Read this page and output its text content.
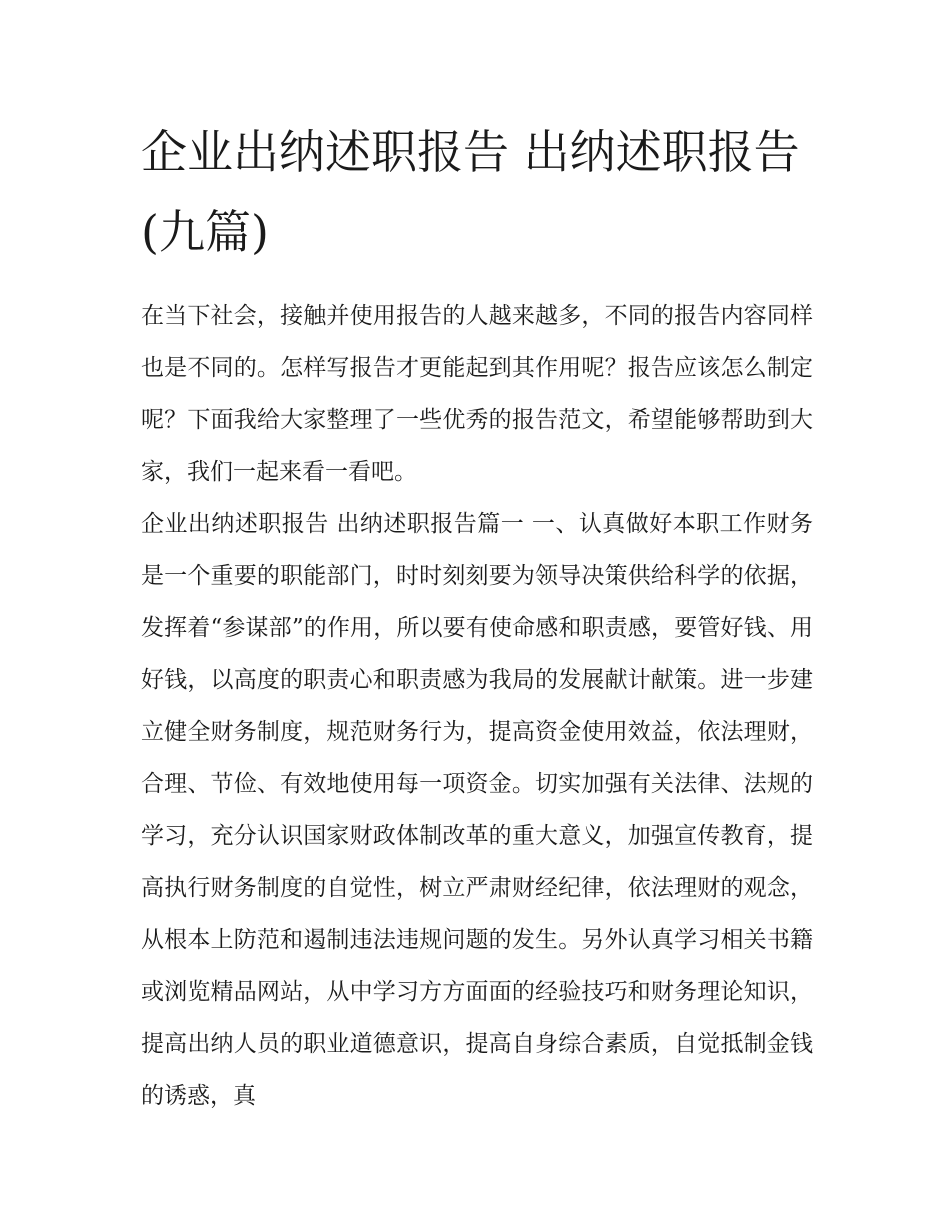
企业出纳述职报告 出纳述职报告(九篇)

在当下社会，接触并使用报告的人越来越多，不同的报告内容同样也是不同的。怎样写报告才更能起到其作用呢？报告应该怎么制定呢？下面我给大家整理了一些优秀的报告范文，希望能够帮助到大家，我们一起来看一看吧。

企业出纳述职报告 出纳述职报告篇一 一、认真做好本职工作财务是一个重要的职能部门，时时刻刻要为领导决策供给科学的依据，发挥着“参谋部”的作用，所以要有使命感和职责感，要管好钱、用好钱，以高度的职责心和职责感为我局的发展献计献策。进一步建立健全财务制度，规范财务行为，提高资金使用效益，依法理财，合理、节俭、有效地使用每一项资金。切实加强有关法律、法规的学习，充分认识国家财政体制改革的重大意义，加强宣传教育，提高执行财务制度的自觉性，树立严肃财经纪律，依法理财的观念，从根本上防范和遏制违法违规问题的发生。另外认真学习相关书籍或浏览精品网站，从中学习方方面面的经验技巧和财务理论知识，提高出纳人员的职业道德意识，提高自身综合素质，自觉抵制金钱的诱惑，真
